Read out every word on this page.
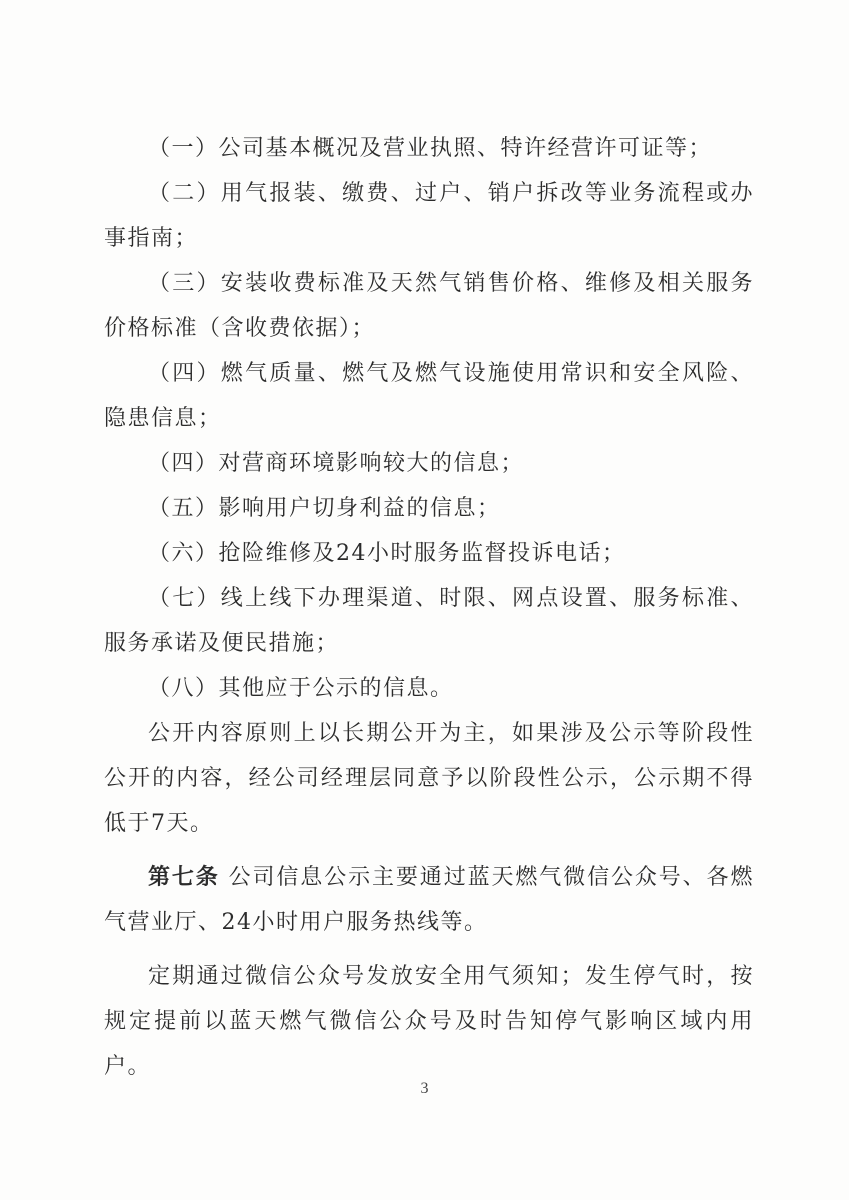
（一）公司基本概况及营业执照、特许经营许可证等；

（二）用气报装、缴费、过户、销户拆改等业务流程或办事指南；

（三）安装收费标准及天然气销售价格、维修及相关服务价格标准（含收费依据）；

（四）燃气质量、燃气及燃气设施使用常识和安全风险、隐患信息；

（四）对营商环境影响较大的信息；

（五）影响用户切身利益的信息；

（六）抢险维修及24小时服务监督投诉电话；

（七）线上线下办理渠道、时限、网点设置、服务标准、服务承诺及便民措施；

（八）其他应于公示的信息。

公开内容原则上以长期公开为主，如果涉及公示等阶段性公开的内容，经公司经理层同意予以阶段性公示，公示期不得低于7天。

第七条 公司信息公示主要通过蓝天燃气微信公众号、各燃气营业厅、24小时用户服务热线等。

定期通过微信公众号发放安全用气须知；发生停气时，按规定提前以蓝天燃气微信公众号及时告知停气影响区域内用户。

3
